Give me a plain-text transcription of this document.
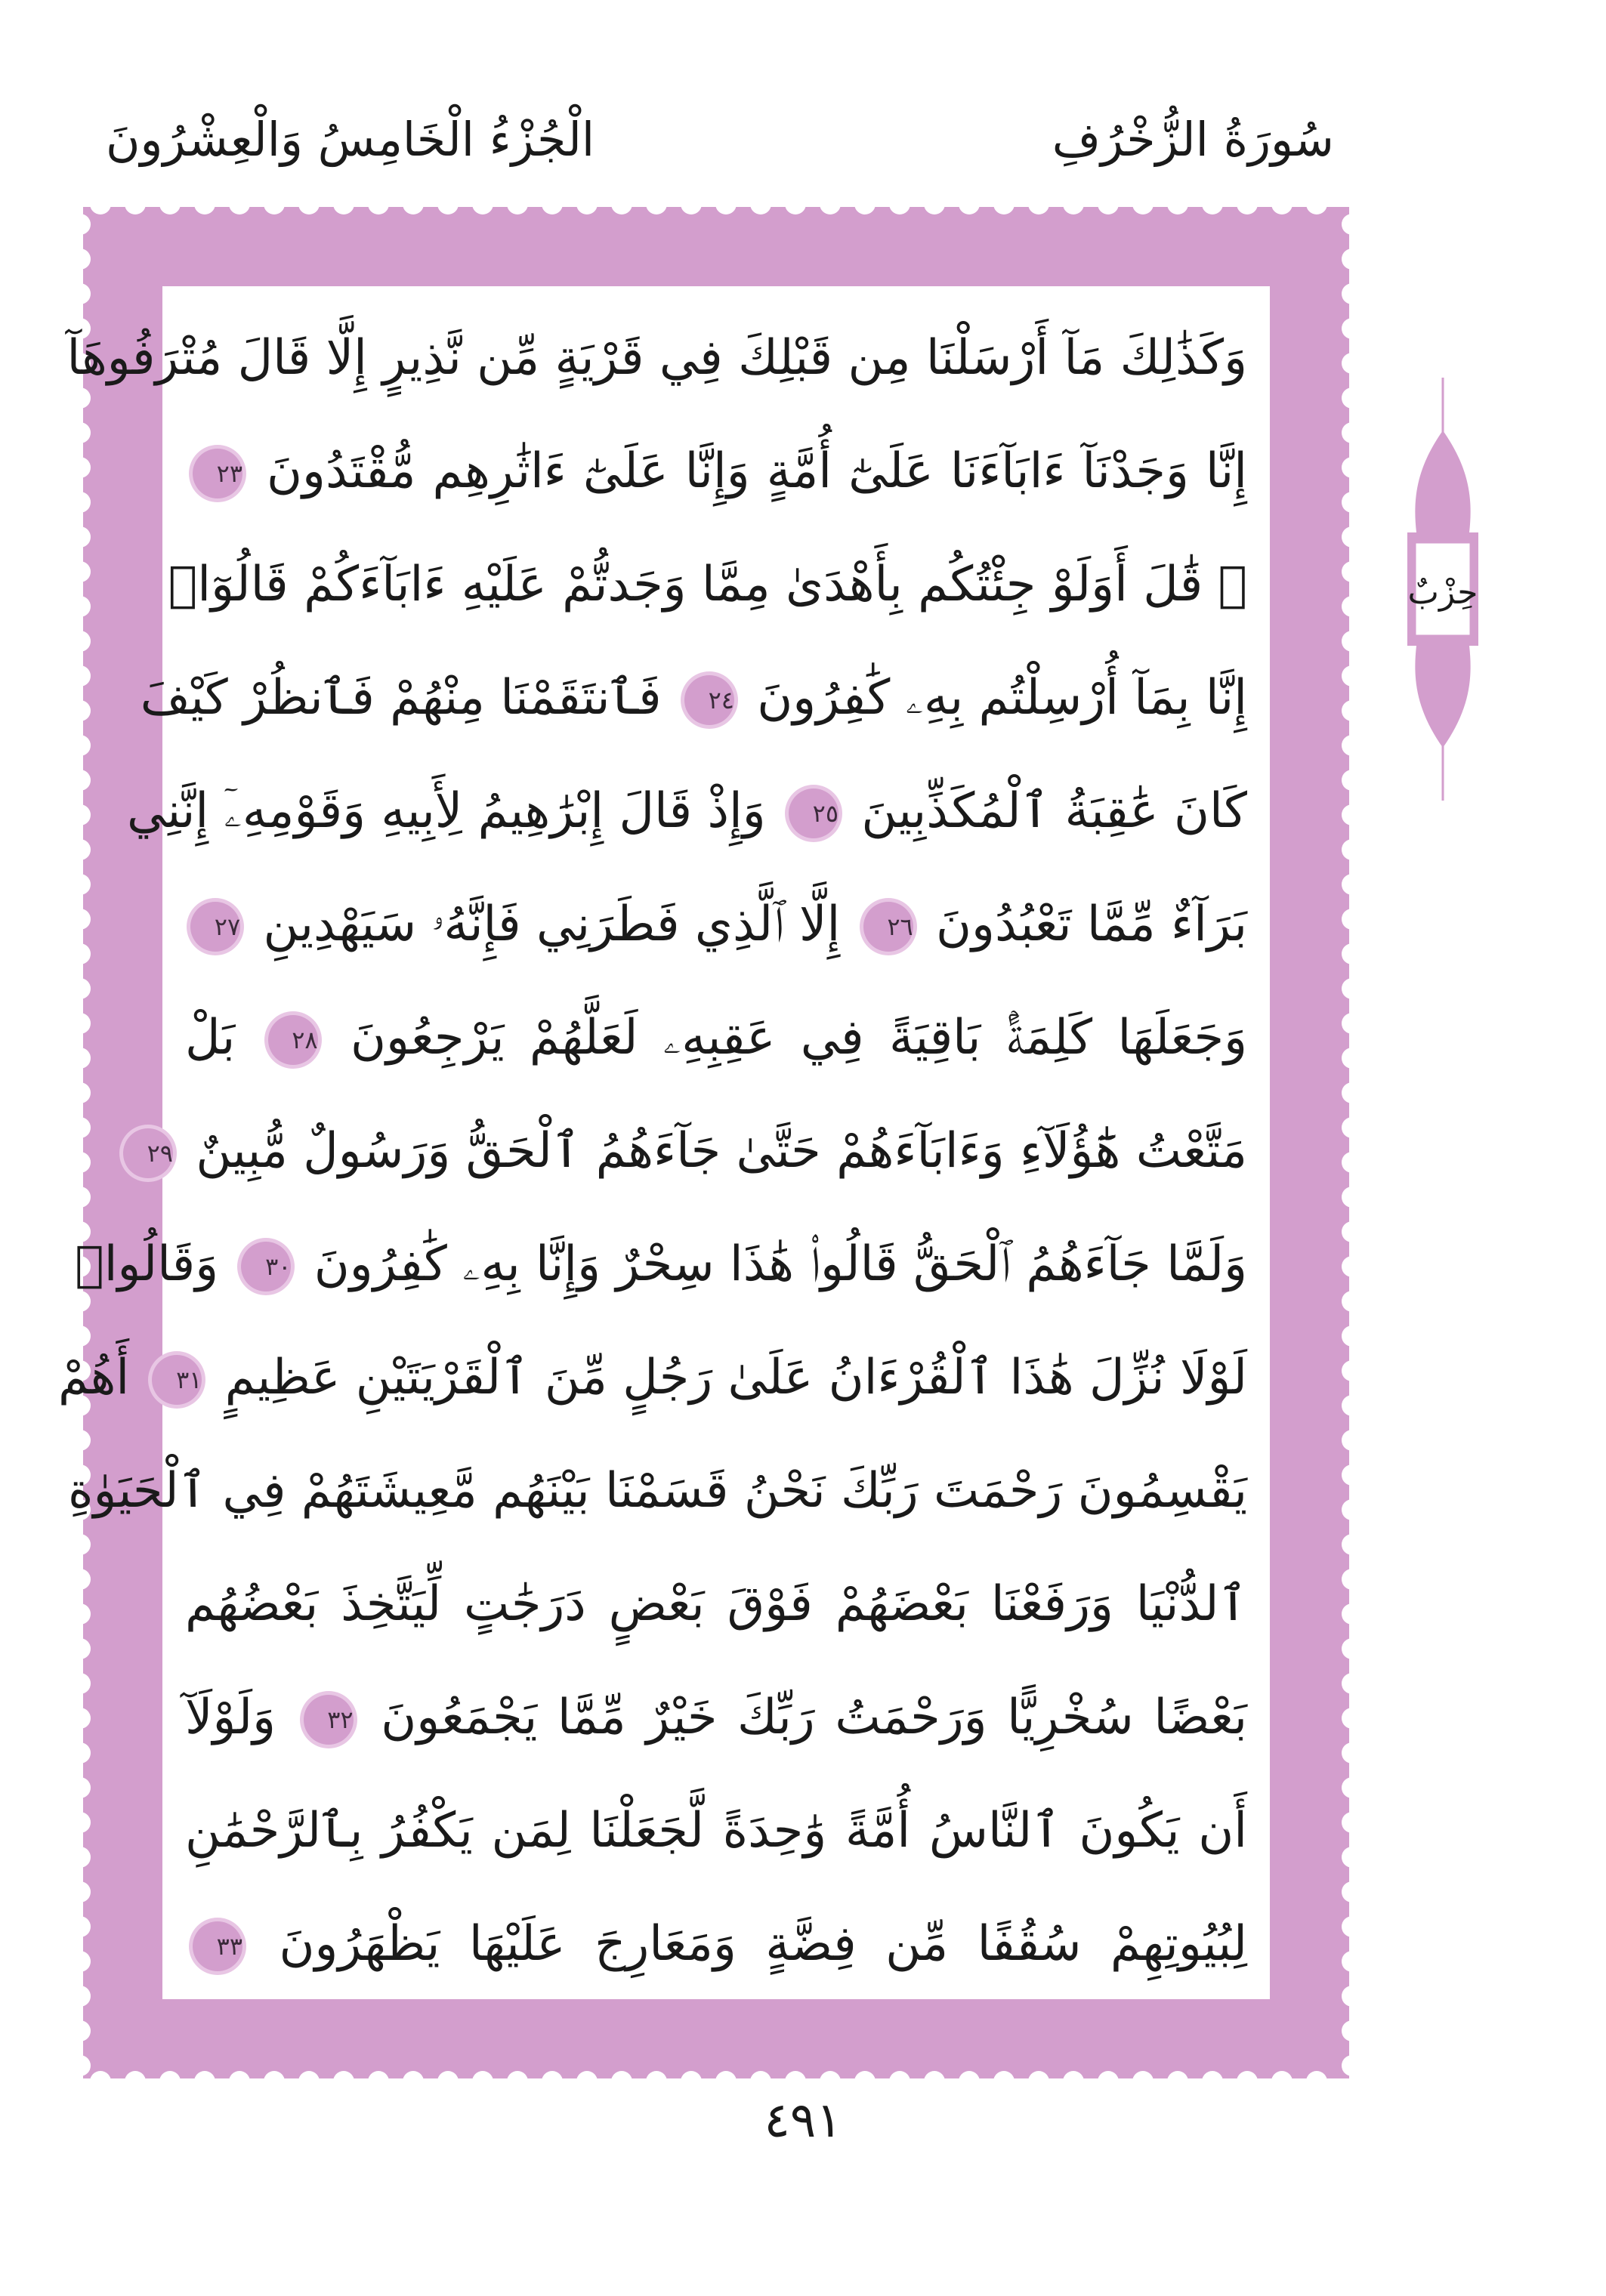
سُورَةُ الزُّخْرُفِ
الْجُزْءُ الْخَامِسُ وَالْعِشْرُونَ
وَكَذَٰلِكَ مَآ أَرْسَلْنَا مِن قَبْلِكَ فِي قَرْيَةٍ مِّن نَّذِيرٍ إِلَّا قَالَ مُتْرَفُوهَآ
إِنَّا وَجَدْنَآ ءَابَآءَنَا عَلَىٰٓ أُمَّةٍ وَإِنَّا عَلَىٰٓ ءَاثَٰرِهِم مُّقْتَدُونَ ٢٣
۞ قَٰلَ أَوَلَوْ جِئْتُكُم بِأَهْدَىٰ مِمَّا وَجَدتُّمْ عَلَيْهِ ءَابَآءَكُمْ قَالُوٓا۟
إِنَّا بِمَآ أُرْسِلْتُم بِهِۦ كَٰفِرُونَ ٢٤ فَٱنتَقَمْنَا مِنْهُمْ فَٱنظُرْ كَيْفَ
كَانَ عَٰقِبَةُ ٱلْمُكَذِّبِينَ ٢٥ وَإِذْ قَالَ إِبْرَٰهِيمُ لِأَبِيهِ وَقَوْمِهِۦٓ إِنَّنِي
بَرَآءٌ مِّمَّا تَعْبُدُونَ ٢٦ إِلَّا ٱلَّذِي فَطَرَنِي فَإِنَّهُۥ سَيَهْدِينِ ٢٧
وَجَعَلَهَا كَلِمَةًۢ بَاقِيَةً فِي عَقِبِهِۦ لَعَلَّهُمْ يَرْجِعُونَ ٢٨ بَلْ
مَتَّعْتُ هَٰٓؤُلَآءِ وَءَابَآءَهُمْ حَتَّىٰ جَآءَهُمُ ٱلْحَقُّ وَرَسُولٌ مُّبِينٌ ٢٩
وَلَمَّا جَآءَهُمُ ٱلْحَقُّ قَالُوا۟ هَٰذَا سِحْرٌ وَإِنَّا بِهِۦ كَٰفِرُونَ ٣٠ وَقَالُوا۟
لَوْلَا نُزِّلَ هَٰذَا ٱلْقُرْءَانُ عَلَىٰ رَجُلٍ مِّنَ ٱلْقَرْيَتَيْنِ عَظِيمٍ ٣١ أَهُمْ
يَقْسِمُونَ رَحْمَتَ رَبِّكَ نَحْنُ قَسَمْنَا بَيْنَهُم مَّعِيشَتَهُمْ فِي ٱلْحَيَوٰةِ
ٱلدُّنْيَا وَرَفَعْنَا بَعْضَهُمْ فَوْقَ بَعْضٍ دَرَجَٰتٍ لِّيَتَّخِذَ بَعْضُهُم
بَعْضًا سُخْرِيًّا وَرَحْمَتُ رَبِّكَ خَيْرٌ مِّمَّا يَجْمَعُونَ ٣٢ وَلَوْلَآ
أَن يَكُونَ ٱلنَّاسُ أُمَّةً وَٰحِدَةً لَّجَعَلْنَا لِمَن يَكْفُرُ بِٱلرَّحْمَٰنِ
لِبُيُوتِهِمْ سُقُفًا مِّن فِضَّةٍ وَمَعَارِجَ عَلَيْهَا يَظْهَرُونَ ٣٣
حِزْبٌ
٤٩١
